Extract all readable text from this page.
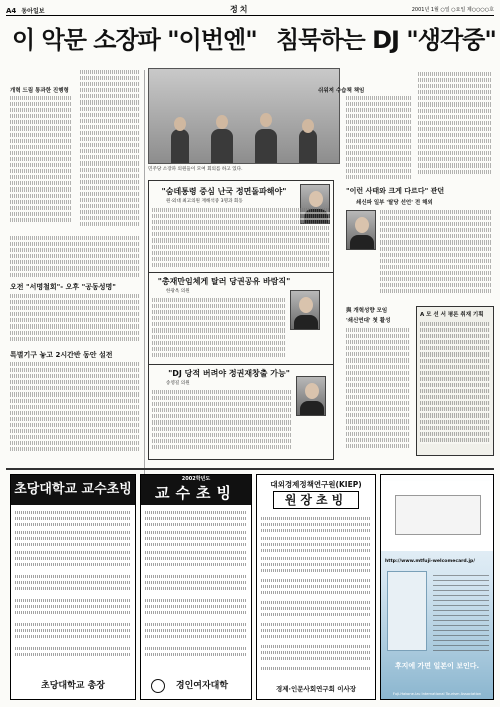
A4 동아일보	정치	2001년 1월 ○일 ○요일 제○○○○호
이 악문 소장파 "이번엔" 침묵하는 DJ "생각중"
개혁 드림 통과한 진행형
민주당 소장파 의원들이 모여 회의를 하고 있다.
쉬워져 수습책 책임
오전 "서명철회"- 오후 "공동성명"
특별기구 놓고 2시간반 동안 설전
"숨데통령 중심 난국 정면돌파해야"
원·외대 최고의원 재해석중 3명과 회동
"총재만임체게 탈러 당권공유 바람직"
한광옥 의원
"DJ 당적 버려야 정권재창출 가능"
송영길 의원
"이런 사태와 크게 다르다" 관던
쇄신파 일부 '탈당 선언' 전 해외
與 개혁성향 모임
'쇄신연대' 첫 활성
A 모 선 서 평론 취재 기획
초당대학교 교수초빙
초당대학교 총장
2002학년도
교수초빙
경인여자대학
대외경제정책연구원(KIEP)
원장초빙
경제·인문사회연구회 이사장
http://www.mtfuji-welcomecard.jp/
후지에 가면 일본이 보인다.
Fuji-Hakone-Izu International Tourism Association
